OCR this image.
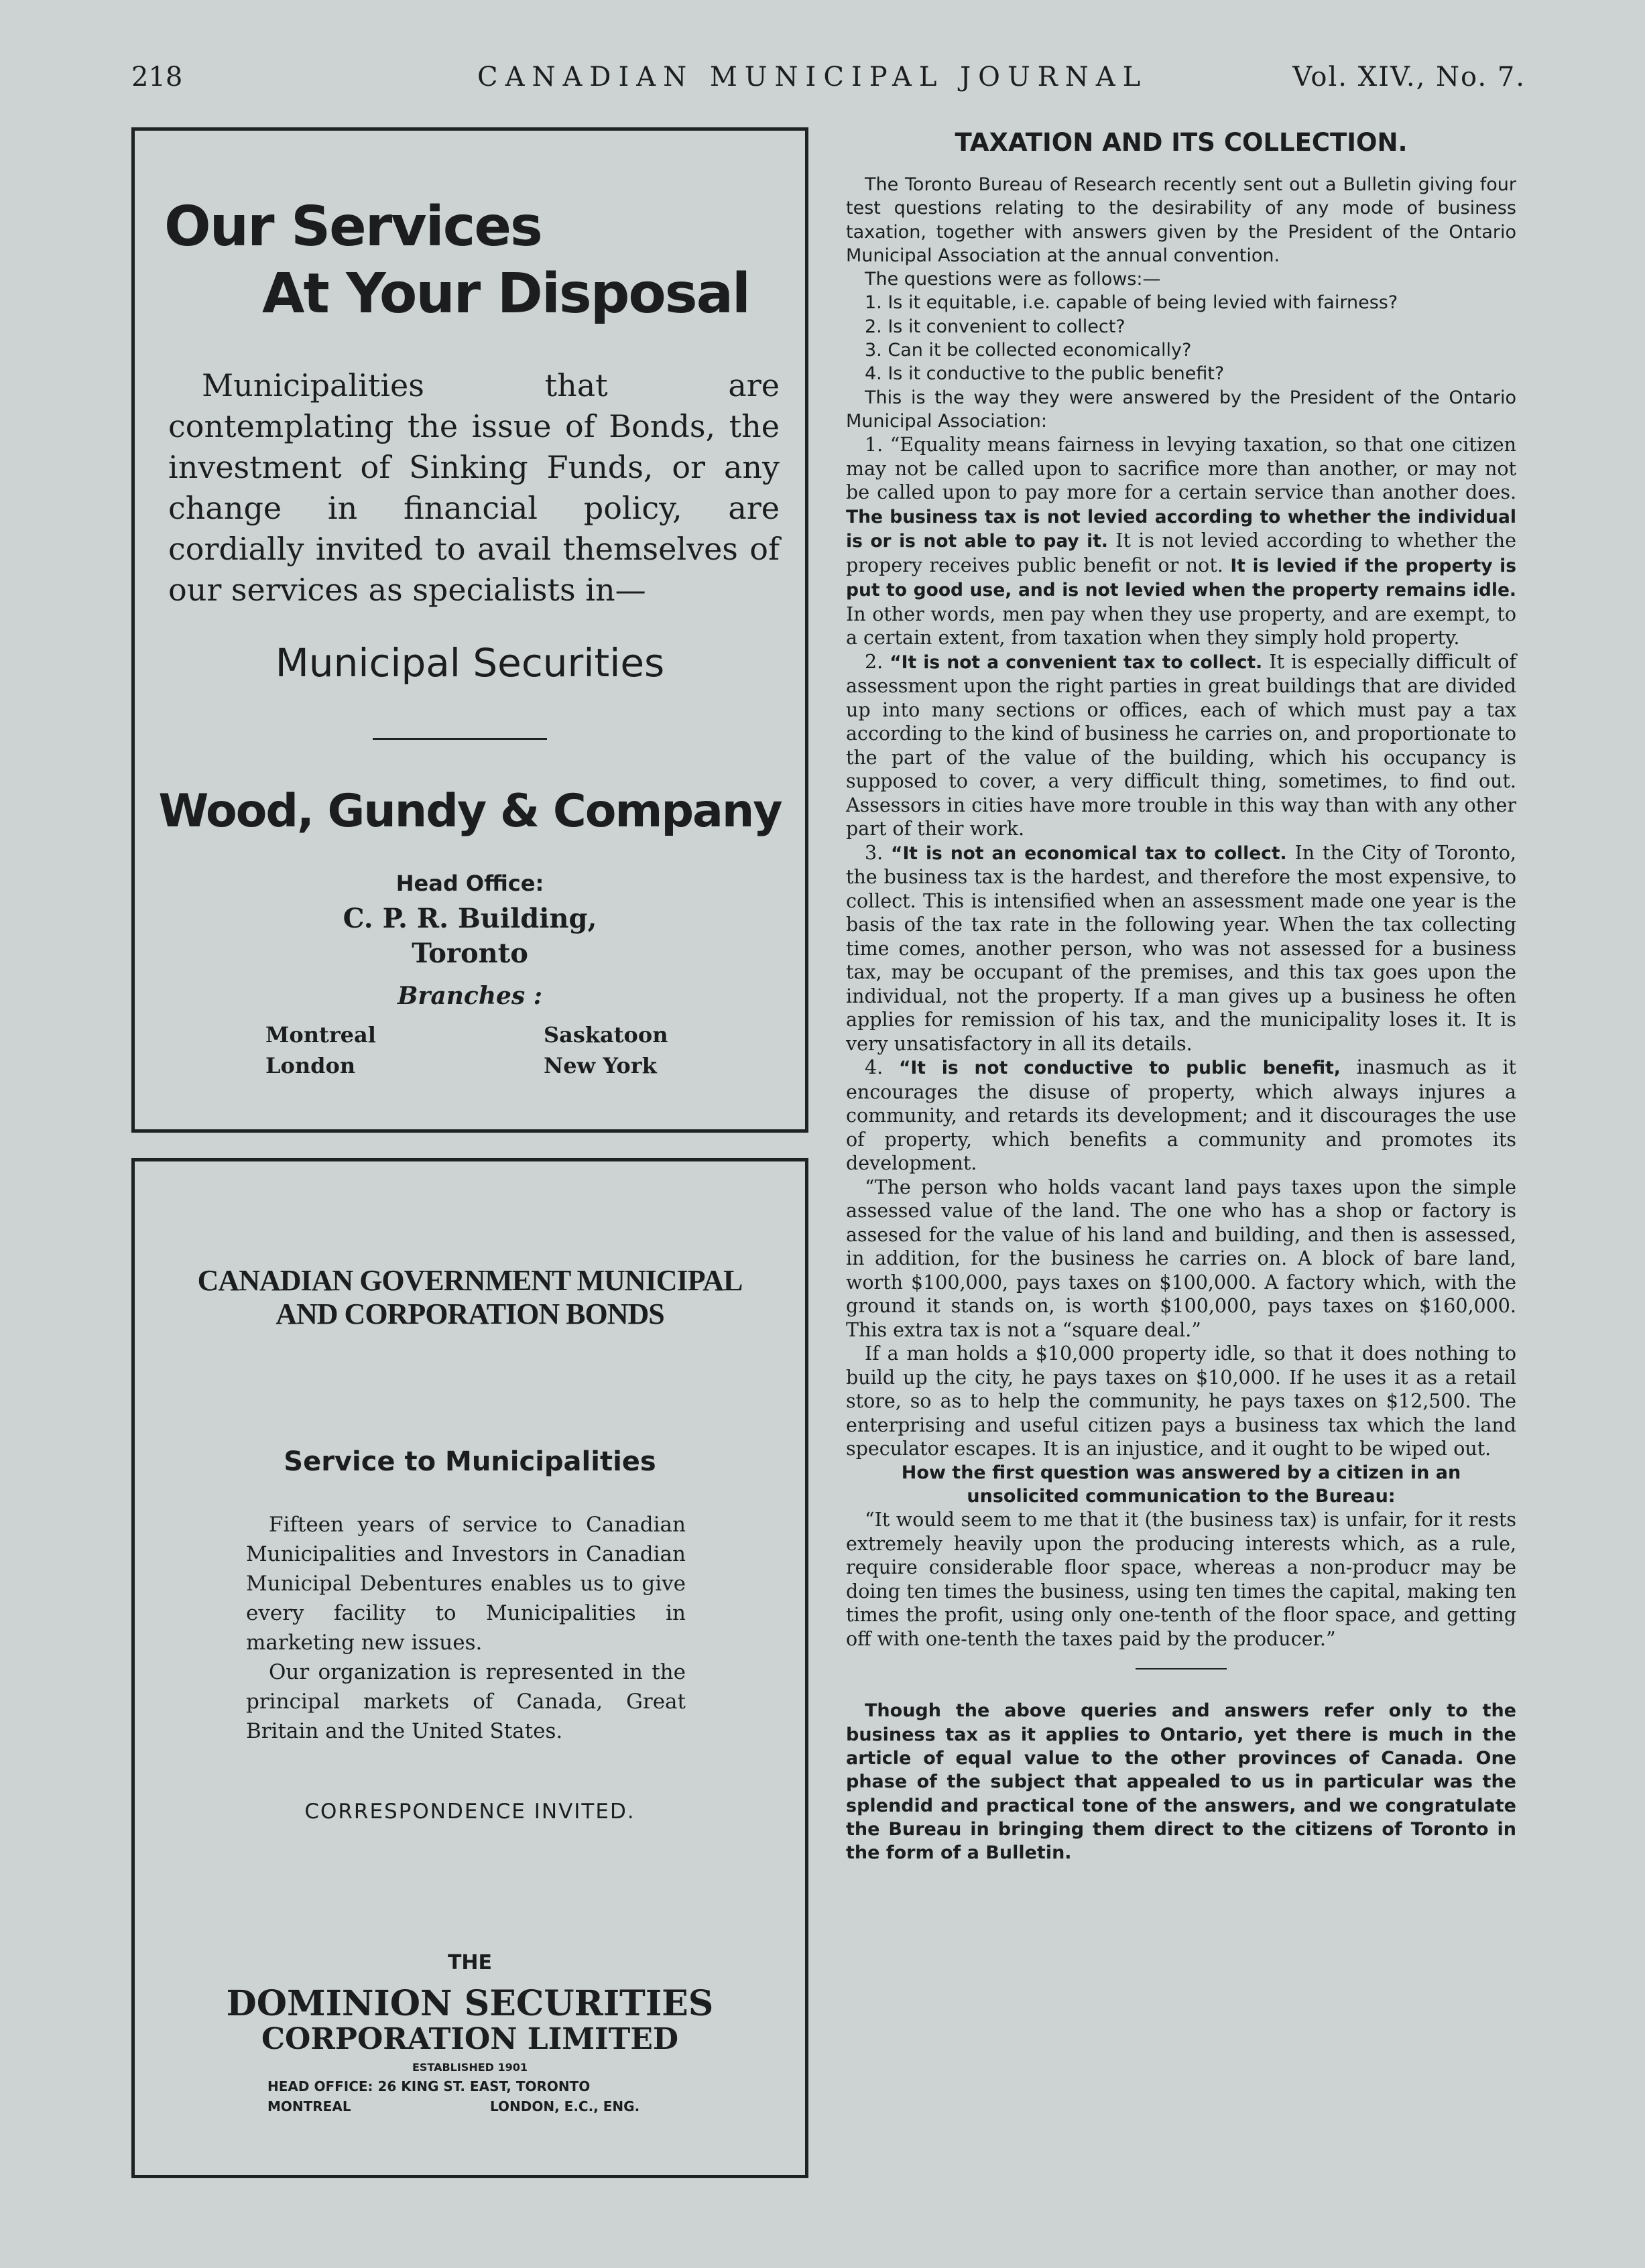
218	CANADIAN MUNICIPAL JOURNAL	Vol. XIV., No. 7.
Our Services
At Your Disposal

Municipalities that are contemplating the issue of Bonds, the investment of Sinking Funds, or any change in financial policy, are cordially invited to avail themselves of our services as specialists in—

Municipal Securities
Wood, Gundy & Company
Head Office:
C. P. R. Building,
Toronto
Branches :
Montreal	Saskatoon
London	New York
CANADIAN GOVERNMENT MUNICIPAL
AND CORPORATION BONDS
Service to Municipalities

Fifteen years of service to Canadian Municipalities and Investors in Canadian Municipal Debentures enables us to give every facility to Municipalities in marketing new issues.

Our organization is represented in the principal markets of Canada, Great Britain and the United States.

CORRESPONDENCE INVITED.
THE
DOMINION SECURITIES
CORPORATION LIMITED
ESTABLISHED 1901
HEAD OFFICE: 26 KING ST. EAST, TORONTO
MONTREAL	LONDON, E.C., ENG.
TAXATION AND ITS COLLECTION.

The Toronto Bureau of Research recently sent out a Bulletin giving four test questions relating to the desirability of any mode of business taxation, together with answers given by the President of the Ontario Municipal Association at the annual convention.

The questions were as follows:—

1. Is it equitable, i.e. capable of being levied with fairness?

2. Is it convenient to collect?

3. Can it be collected economically?

4. Is it conductive to the public benefit?

This is the way they were answered by the President of the Ontario Municipal Association:

1. “Equality means fairness in levying taxation, so that one citizen may not be called upon to sacrifice more than another, or may not be called upon to pay more for a certain service than another does. The business tax is not levied according to whether the individual is or is not able to pay it. It is not levied according to whether the propery receives public benefit or not. It is levied if the property is put to good use, and is not levied when the property remains idle. In other words, men pay when they use property, and are exempt, to a certain extent, from taxation when they simply hold property.

2. “It is not a convenient tax to collect. It is especially difficult of assessment upon the right parties in great buildings that are divided up into many sections or offices, each of which must pay a tax according to the kind of business he carries on, and proportionate to the part of the value of the building, which his occupancy is supposed to cover, a very difficult thing, sometimes, to find out. Assessors in cities have more trouble in this way than with any other part of their work.

3. “It is not an economical tax to collect. In the City of Toronto, the business tax is the hardest, and therefore the most expensive, to collect. This is intensified when an assessment made one year is the basis of the tax rate in the following year. When the tax collecting time comes, another person, who was not assessed for a business tax, may be occupant of the premises, and this tax goes upon the individual, not the property. If a man gives up a business he often applies for remission of his tax, and the municipality loses it. It is very unsatisfactory in all its details.

4. “It is not conductive to public benefit, inasmuch as it encourages the disuse of property, which always injures a community, and retards its development; and it discourages the use of property, which benefits a community and promotes its development.

“The person who holds vacant land pays taxes upon the simple assessed value of the land. The one who has a shop or factory is assesed for the value of his land and building, and then is assessed, in addition, for the business he carries on. A block of bare land, worth $100,000, pays taxes on $100,000. A factory which, with the ground it stands on, is worth $100,000, pays taxes on $160,000. This extra tax is not a “square deal.”

If a man holds a $10,000 property idle, so that it does nothing to build up the city, he pays taxes on $10,000. If he uses it as a retail store, so as to help the community, he pays taxes on $12,500. The enterprising and useful citizen pays a business tax which the land speculator escapes. It is an injustice, and it ought to be wiped out.

How the first question was answered by a citizen in an unsolicited communication to the Bureau:

“It would seem to me that it (the business tax) is unfair, for it rests extremely heavily upon the producing interests which, as a rule, require considerable floor space, whereas a non-producr may be doing ten times the business, using ten times the capital, making ten times the profit, using only one-tenth of the floor space, and getting off with one-tenth the taxes paid by the producer.”

Though the above queries and answers refer only to the business tax as it applies to Ontario, yet there is much in the article of equal value to the other provinces of Canada. One phase of the subject that appealed to us in particular was the splendid and practical tone of the answers, and we congratulate the Bureau in bringing them direct to the citizens of Toronto in the form of a Bulletin.
